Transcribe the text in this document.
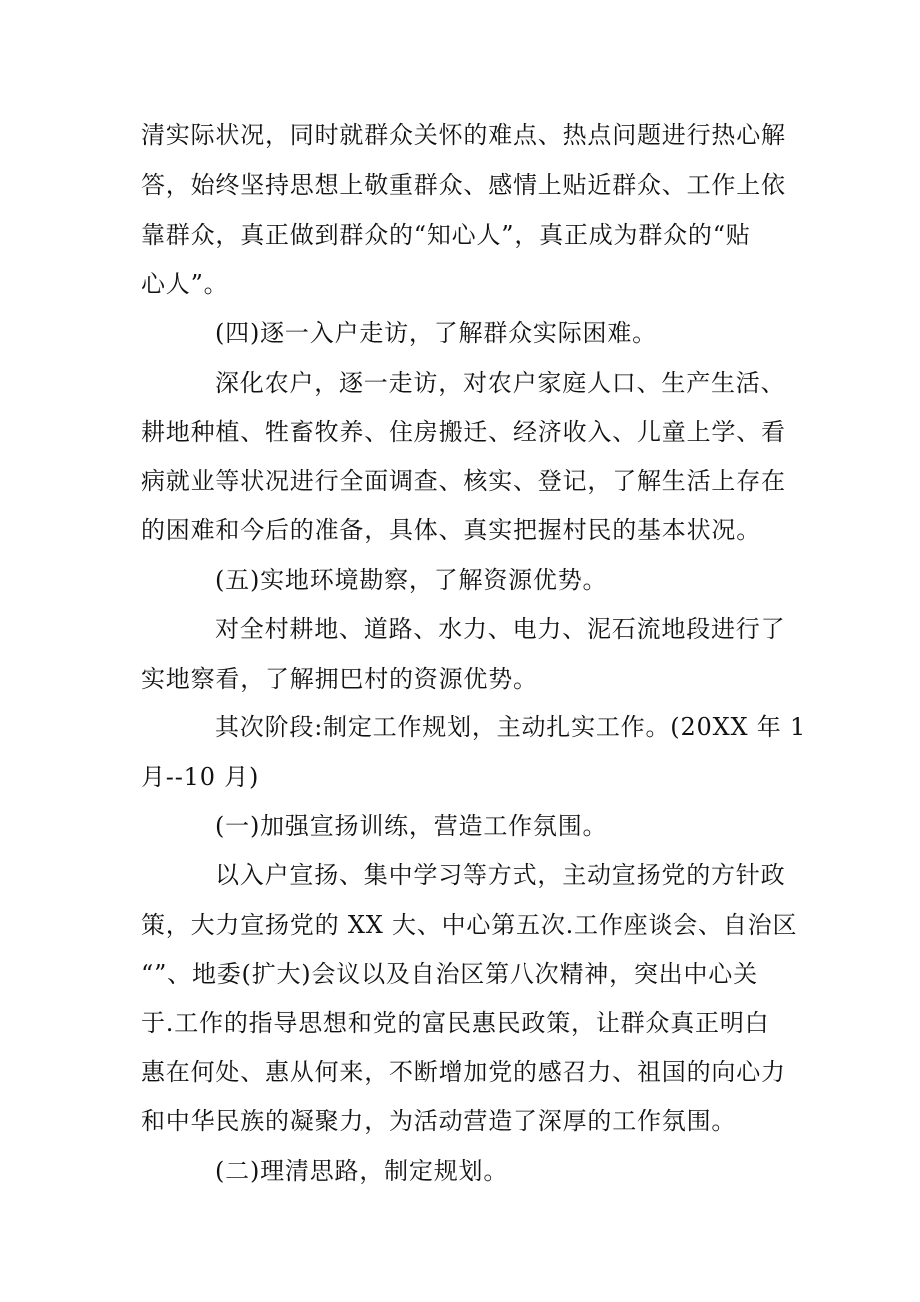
清实际状况，同时就群众关怀的难点、热点问题进行热心解
答，始终坚持思想上敬重群众、感情上贴近群众、工作上依
靠群众，真正做到群众的“知心人”，真正成为群众的“贴
心人”。
(四)逐一入户走访，了解群众实际困难。
深化农户，逐一走访，对农户家庭人口、生产生活、
耕地种植、牲畜牧养、住房搬迁、经济收入、儿童上学、看
病就业等状况进行全面调查、核实、登记，了解生活上存在
的困难和今后的准备，具体、真实把握村民的基本状况。
(五)实地环境勘察，了解资源优势。
对全村耕地、道路、水力、电力、泥石流地段进行了
实地察看，了解拥巴村的资源优势。
其次阶段:制定工作规划，主动扎实工作。(20XX 年 1
月--10 月)
(一)加强宣扬训练，营造工作氛围。
以入户宣扬、集中学习等方式，主动宣扬党的方针政
策，大力宣扬党的 XX 大、中心第五次.工作座谈会、自治区
“”、地委(扩大)会议以及自治区第八次精神，突出中心关
于.工作的指导思想和党的富民惠民政策，让群众真正明白
惠在何处、惠从何来，不断增加党的感召力、祖国的向心力
和中华民族的凝聚力，为活动营造了深厚的工作氛围。
(二)理清思路，制定规划。
